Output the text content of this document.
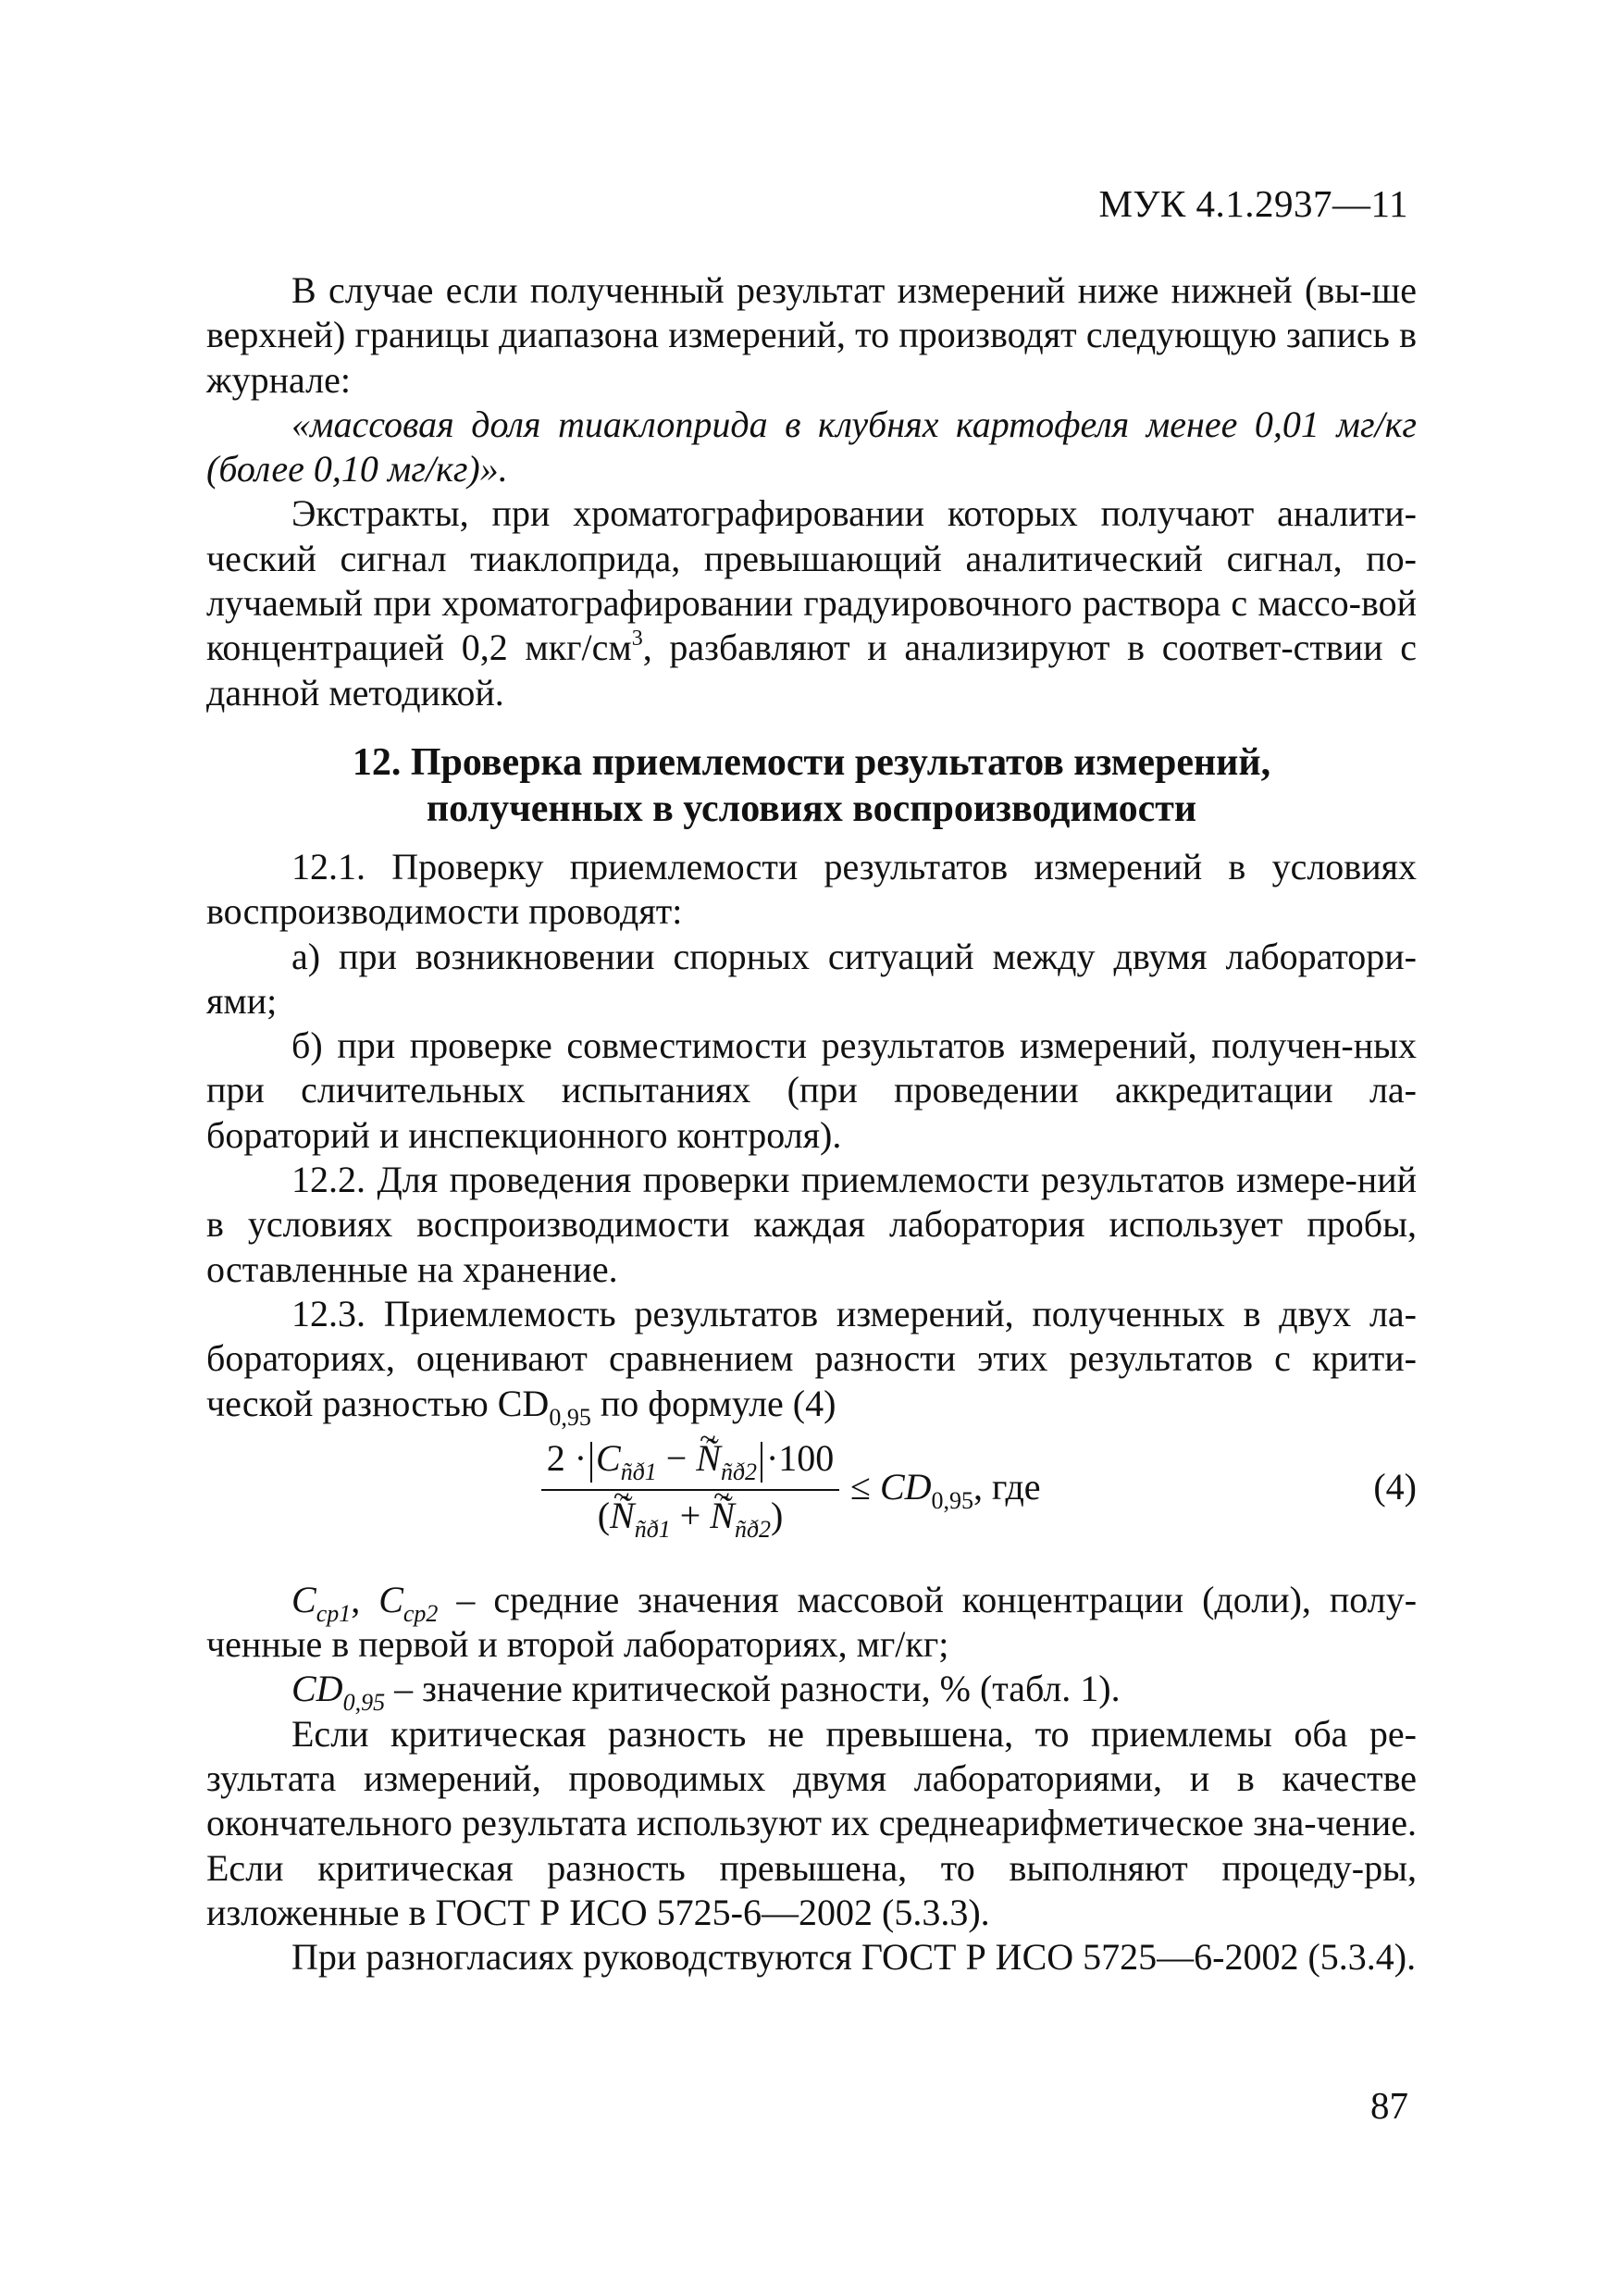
МУК 4.1.2937—11

В случае если полученный результат измерений ниже нижней (вы-ше верхней) границы диапазона измерений, то производят следующую запись в журнале:

«массовая доля тиаклоприда в клубнях картофеля менее 0,01 мг/кг (более 0,10 мг/кг)».

Экстракты, при хроматографировании которых получают аналити-ческий сигнал тиаклоприда, превышающий аналитический сигнал, по-лучаемый при хроматографировании градуировочного раствора с массо-вой концентрацией 0,2 мкг/$см^3$, разбавляют и анализируют в соответ-ствии с данной методикой.

12. Проверка приемлемости результатов измерений,
полученных в условиях воспроизводимости

12.1. Проверку приемлемости результатов измерений в условиях воспроизводимости проводят:

а) при возникновении спорных ситуаций между двумя лаборатори-ями;

б) при проверке совместимости результатов измерений, получен-ных при сличительных испытаниях (при проведении аккредитации ла-бораторий и инспекционного контроля).

12.2. Для проведения проверки приемлемости результатов измере-ний в условиях воспроизводимости каждая лаборатория использует пробы, оставленные на хранение.

12.3. Приемлемость результатов измерений, полученных в двух ла-бораториях, оценивают сравнением разности этих результатов с крити-ческой разностью $CD_{0,95}$ по формуле (4)

$2 \cdot C_{ñð1}$ − ~ $Ñ_{ñð2} \cdot 100$
(~ $Ñ_{ñð1}$ + ~ $Ñ_{ñð2}$)
≤ $CD_{0,95}$, где	(4)

$C_{ср1}$, $C_{ср2}$ – средние значения массовой концентрации (доли), полу-ченные в первой и второй лабораториях, мг/кг;

$CD_{0,95}$ – значение критической разности, % (табл. 1).

Если критическая разность не превышена, то приемлемы оба ре-зультата измерений, проводимых двумя лабораториями, и в качестве окончательного результата используют их среднеарифметическое зна-чение. Если критическая разность превышена, то выполняют процеду-ры, изложенные в ГОСТ Р ИСО 5725-6—2002 (5.3.3).

При разногласиях руководствуются ГОСТ Р ИСО 5725—6-2002 (5.3.4).

87
